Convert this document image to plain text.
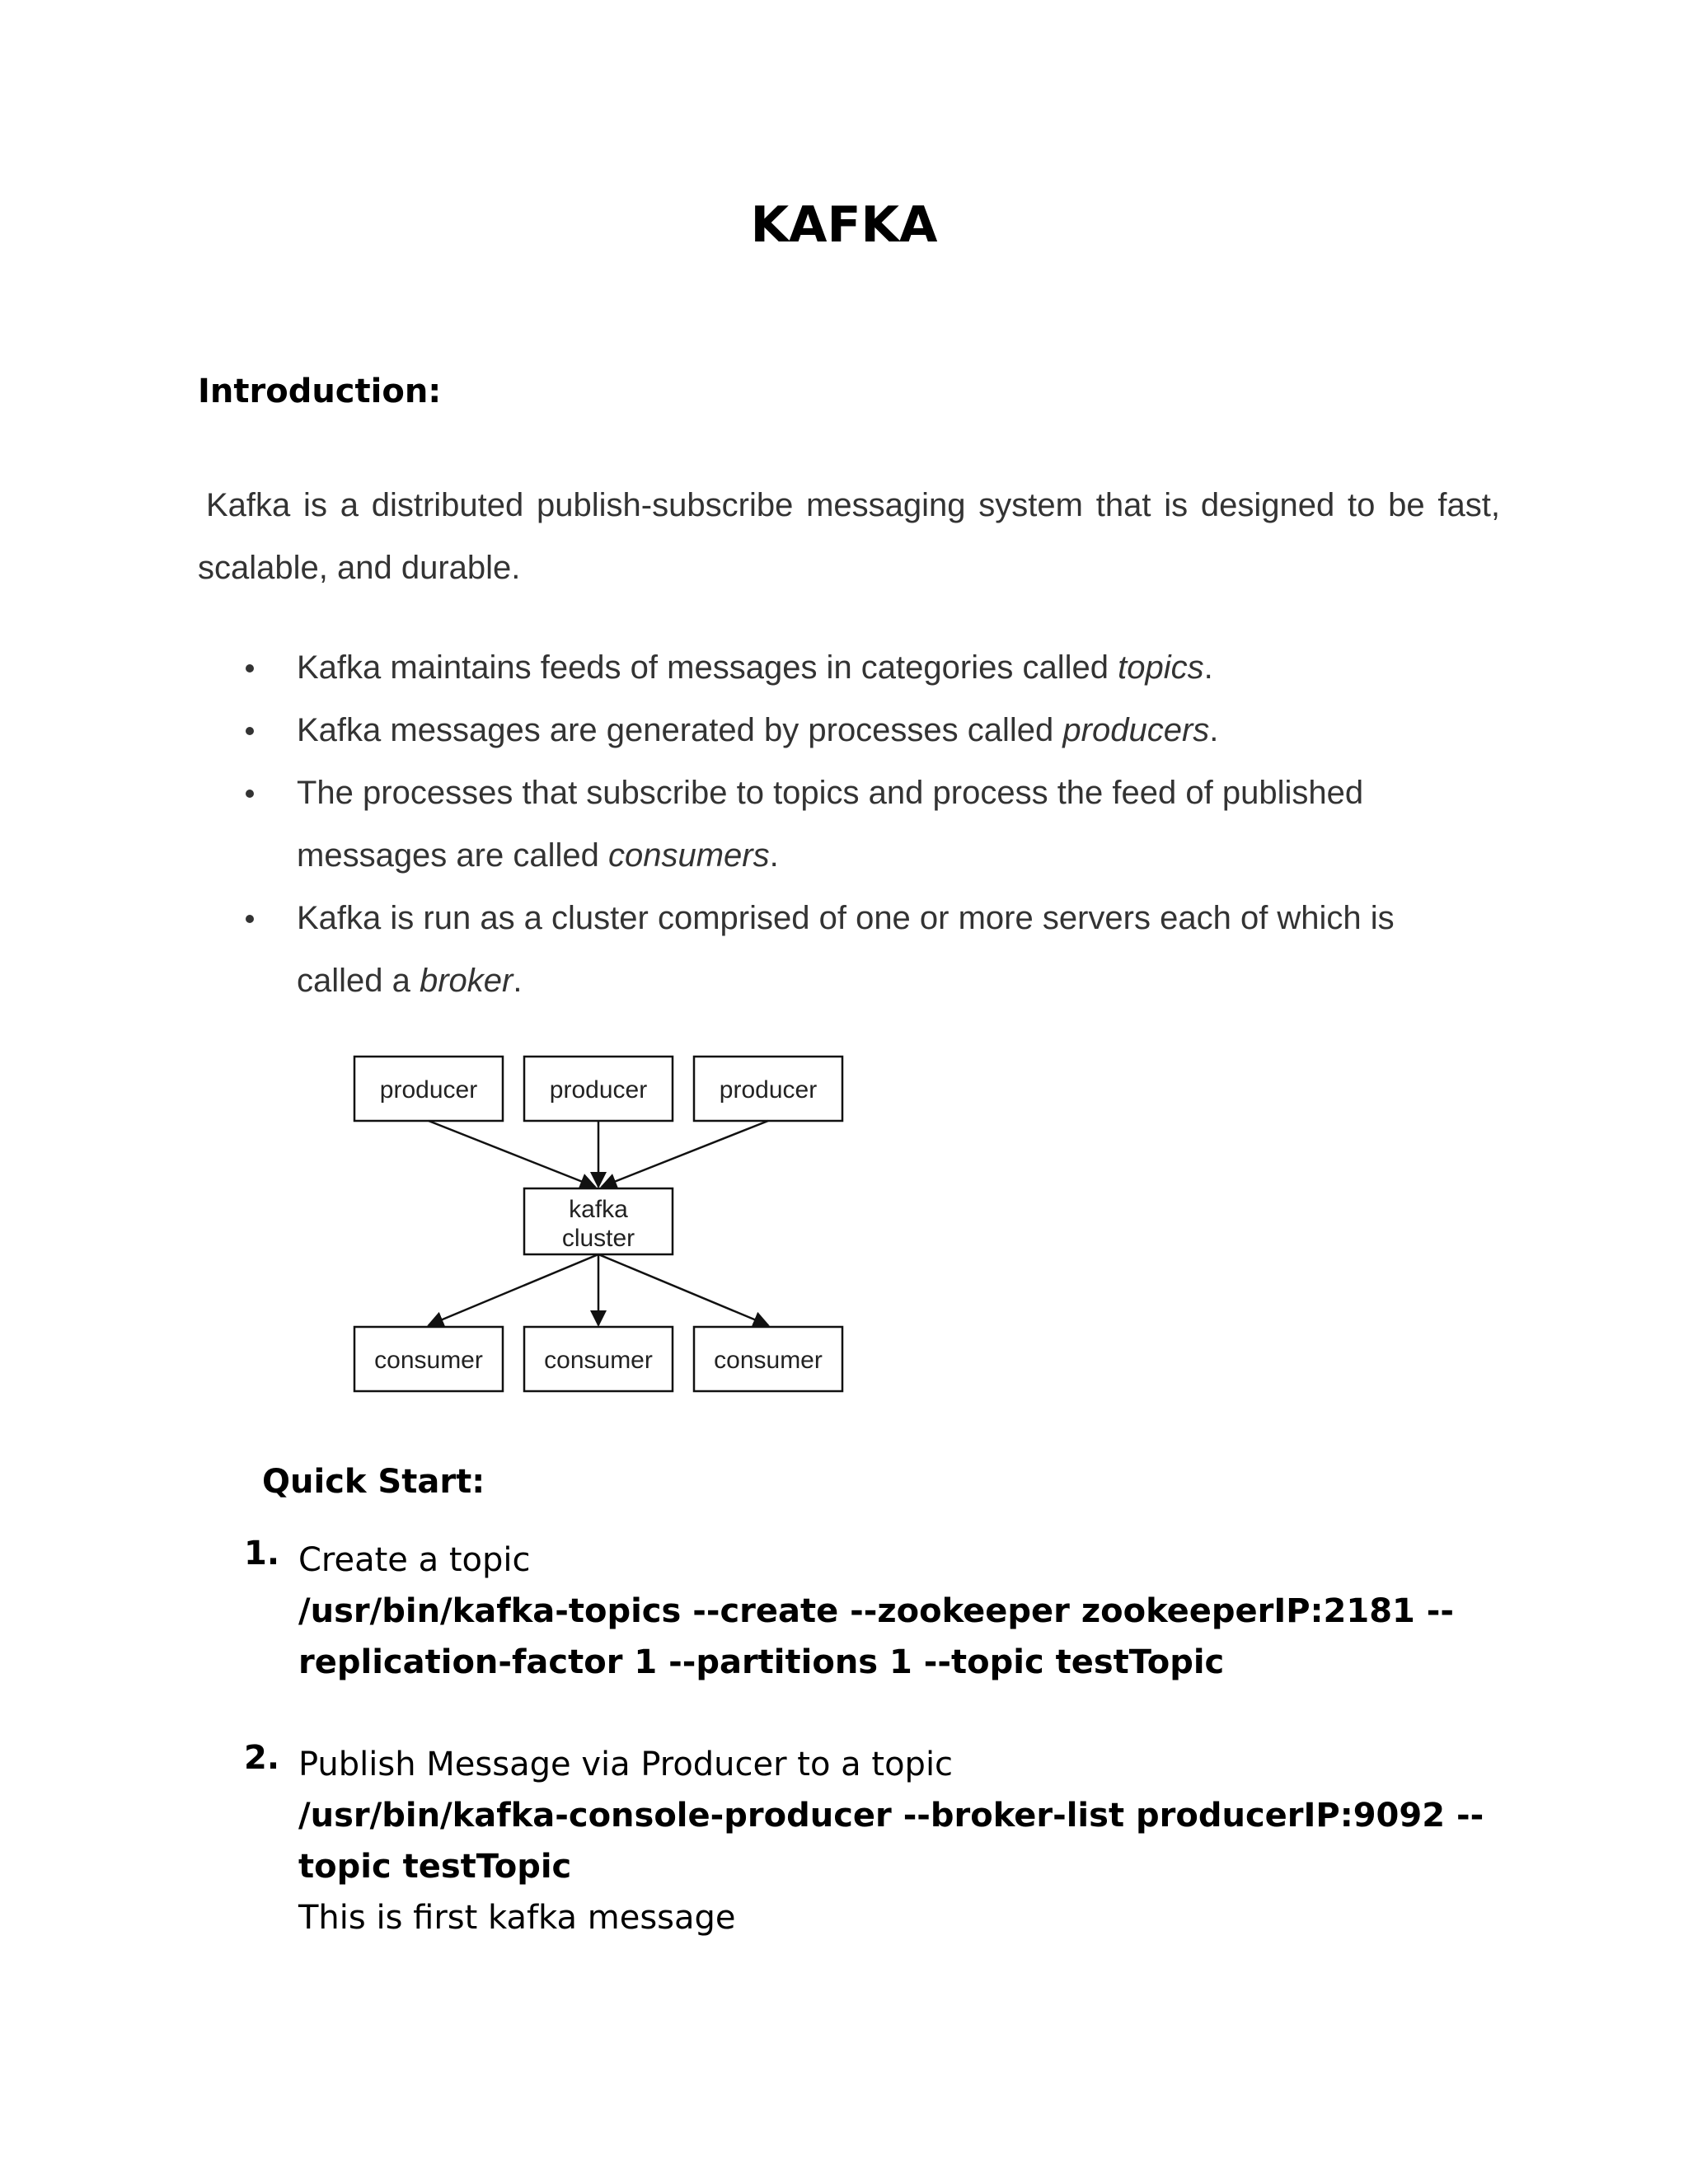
KAFKA
Introduction:

Kafka is a distributed publish-subscribe messaging system that is designed to be fast, scalable, and durable.

Kafka maintains feeds of messages in categories called topics.
Kafka messages are generated by processes called producers.
The processes that subscribe to topics and process the feed of published messages are called consumers.
Kafka is run as a cluster comprised of one or more servers each of which is called a broker.
producer	producer	producer
kafka
cluster
consumer consumer consumer
Quick Start:
1. Create a topic
/usr/bin/kafka-topics --create --zookeeper zookeeperIP:2181 --replication-factor 1 --partitions 1 --topic testTopic
2. Publish Message via Producer to a topic
/usr/bin/kafka-console-producer --broker-list producerIP:9092 --topic testTopic
This is first kafka message
